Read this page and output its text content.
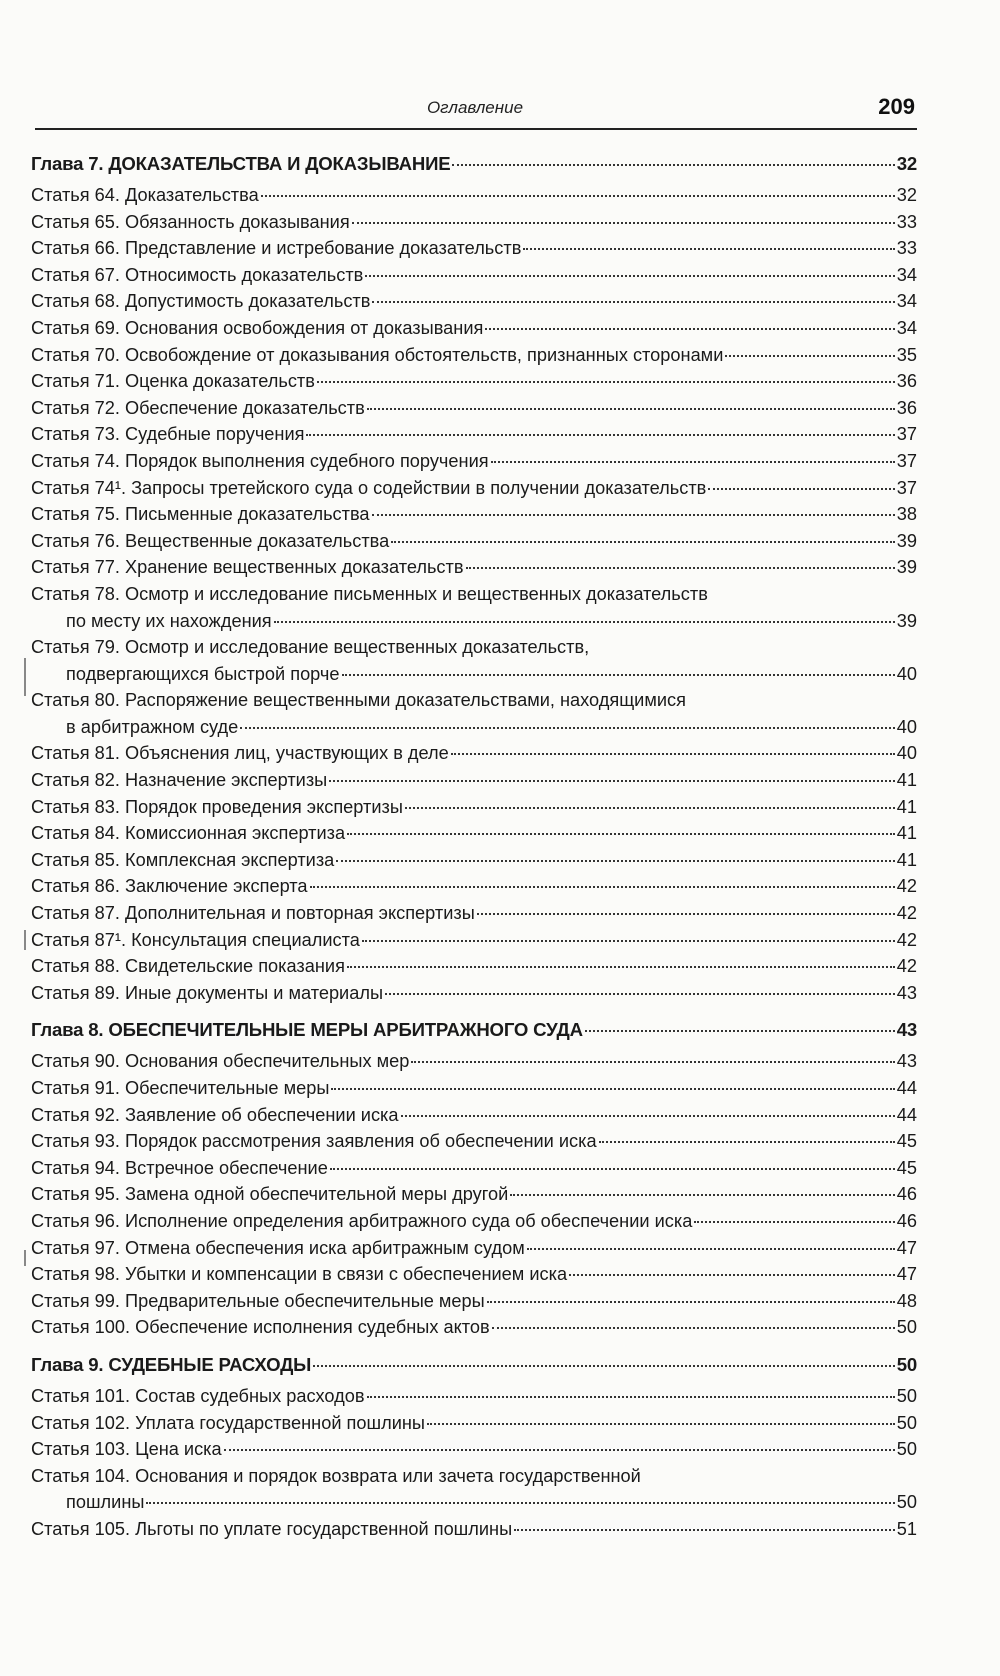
Оглавление	209
Глава 7. ДОКАЗАТЕЛЬСТВА И ДОКАЗЫВАНИЕ	32
Статья 64. Доказательства	32
Статья 65. Обязанность доказывания	33
Статья 66. Представление и истребование доказательств	33
Статья 67. Относимость доказательств	34
Статья 68. Допустимость доказательств	34
Статья 69. Основания освобождения от доказывания	34
Статья 70. Освобождение от доказывания обстоятельств, признанных сторонами	35
Статья 71. Оценка доказательств	36
Статья 72. Обеспечение доказательств	36
Статья 73. Судебные поручения	37
Статья 74. Порядок выполнения судебного поручения	37
Статья 74¹. Запросы третейского суда о содействии в получении доказательств	37
Статья 75. Письменные доказательства	38
Статья 76. Вещественные доказательства	39
Статья 77. Хранение вещественных доказательств	39
Статья 78. Осмотр и исследование письменных и вещественных доказательств
по месту их нахождения	39
Статья 79. Осмотр и исследование вещественных доказательств,
подвергающихся быстрой порче	40
Статья 80. Распоряжение вещественными доказательствами, находящимися
в арбитражном суде	40
Статья 81. Объяснения лиц, участвующих в деле	40
Статья 82. Назначение экспертизы	41
Статья 83. Порядок проведения экспертизы	41
Статья 84. Комиссионная экспертиза	41
Статья 85. Комплексная экспертиза	41
Статья 86. Заключение эксперта	42
Статья 87. Дополнительная и повторная экспертизы	42
Статья 87¹. Консультация специалиста	42
Статья 88. Свидетельские показания	42
Статья 89. Иные документы и материалы	43
Глава 8. ОБЕСПЕЧИТЕЛЬНЫЕ МЕРЫ АРБИТРАЖНОГО СУДА	43
Статья 90. Основания обеспечительных мер	43
Статья 91. Обеспечительные меры	44
Статья 92. Заявление об обеспечении иска	44
Статья 93. Порядок рассмотрения заявления об обеспечении иска	45
Статья 94. Встречное обеспечение	45
Статья 95. Замена одной обеспечительной меры другой	46
Статья 96. Исполнение определения арбитражного суда об обеспечении иска	46
Статья 97. Отмена обеспечения иска арбитражным судом	47
Статья 98. Убытки и компенсации в связи с обеспечением иска	47
Статья 99. Предварительные обеспечительные меры	48
Статья 100. Обеспечение исполнения судебных актов	50
Глава 9. СУДЕБНЫЕ РАСХОДЫ	50
Статья 101. Состав судебных расходов	50
Статья 102. Уплата государственной пошлины	50
Статья 103. Цена иска	50
Статья 104. Основания и порядок возврата или зачета государственной
пошлины	50
Статья 105. Льготы по уплате государственной пошлины	51
